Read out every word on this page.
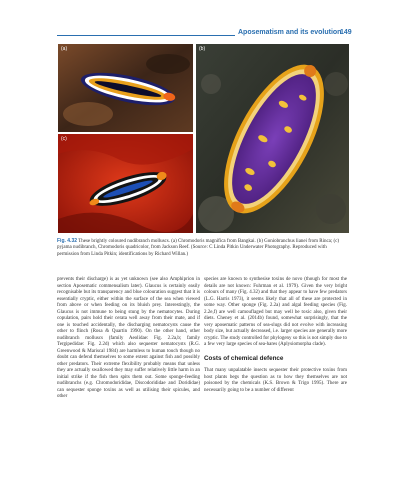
Aposematism and its evolution
149
(a)
(c)
(b)
Fig. 4.32 These brightly coloured nudibranch molluscs. (a) Chromodoris magnifica from Bangkai. (b) Goniobranchus lianei from Rinca; (c) pyjama nudibranch, Chromodoris quadricolor, from Jackson Reef. (Source: C Linda Pitkin Underwater Photography. Reproduced with permission from Linda Pitkin; identifications by Richard Willan.)

prevents their discharge) is as yet unknown (see also Amphiprion in section Aposematic commensalism later). Glaucus is certainly easily recognisable but its transparency and blue colouration suggest that it is essentially cryptic, either within the surface of the sea when viewed from above or when feeding on its bluish prey. Interestingly, the Glaucus is not immune to being stung by the nematocytes. During copulation, pairs hold their cerata well away from their mate, and if one is touched accidentally, the discharging nematocysts cause the other to flinch (Rosa & Quartin 1990). On the other hand, other nudibranch molluscs (family Aeolidae: Fig. 2.2a,b; family Tergipedidae: Fig. 2.2d) which also sequester nematocysts (R.G. Greenwood & Mariscal 1984) are harmless to human touch though no doubt can defend themselves to some extent against fish and possibly other predators. Their extreme flexibility probably means that unless they are actually swallowed they may suffer relatively little harm in an initial strike if the fish then spits them out. Some sponge-feeding nudibranchs (e.g. Chromodorididae, Discodorididae and Dorididae) can sequester sponge toxins as well as utilising their spicules, and other

species are known to synthesise toxins de novo (though for most the details are not known: Fuhrman et al. 1979). Given the very bright colours of many (Fig. 4.32) and that they appear to have few predators (L.G. Harris 1973), it seems likely that all of these are protected in some way. Other sponge (Fig. 2.2a) and algal feeding species (Fig. 2.2e,f) are well camouflaged but may well be toxic also, given their diets. Cheney et al. (2014b) found, somewhat surprisingly, that the very aposematic patterns of sea-slugs did not evolve with increasing body size, but actually decreased, i.e. larger species are generally more cryptic. The study controlled for phylogeny so this is not simply due to a few very large species of sea-hares (Aplysiomorpha clade).

Costs of chemical defence

That many unpalatable insects sequester their protective toxins from host plants begs the question as to how they themselves are not poisoned by the chemicals (K.S. Brown & Trigo 1995). There are necessarily going to be a number of different
